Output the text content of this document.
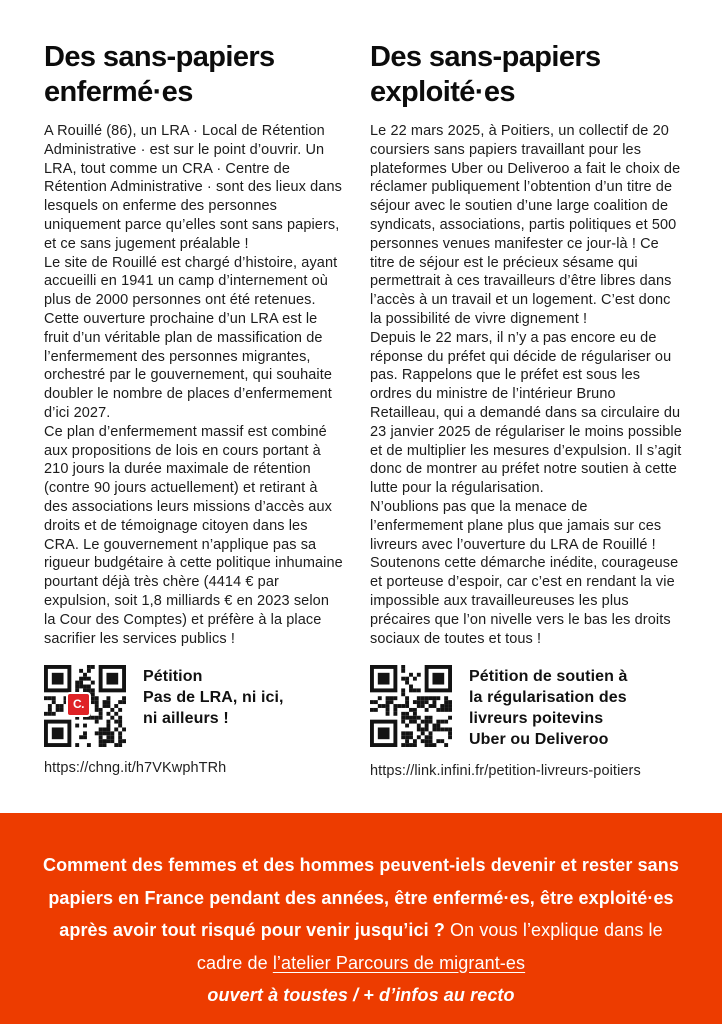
Des sans-papiers enfermé·es

A Rouillé (86), un LRA · Local de Rétention Administrative · est sur le point d’ouvrir. Un LRA, tout comme un CRA · Centre de Rétention Administrative · sont des lieux dans lesquels on enferme des personnes uniquement parce qu’elles sont sans papiers, et ce sans jugement préalable !

Le site de Rouillé est chargé d’histoire, ayant accueilli en 1941 un camp d’internement où plus de 2000 personnes ont été retenues.

Cette ouverture prochaine d’un LRA est le fruit d’un véritable plan de massification de l’enfermement des personnes migrantes, orchestré par le gouvernement, qui souhaite doubler le nombre de places d’enfermement d’ici 2027.

Ce plan d’enfermement massif est combiné aux propositions de lois en cours portant à 210 jours la durée maximale de rétention (contre 90 jours actuellement) et retirant à des associations leurs missions d’accès aux droits et de témoignage citoyen dans les CRA. Le gouvernement n’applique pas sa rigueur budgétaire à cette politique inhumaine pourtant déjà très chère (4414 € par expulsion, soit 1,8 milliards € en 2023 selon la Cour des Comptes) et préfère à la place sacrifier les services publics !

C.
Pétition
Pas de LRA, ni ici,
ni ailleurs !
https://chng.it/h7VKwphTRh
Des sans-papiers exploité·es

Le 22 mars 2025, à Poitiers, un collectif de 20 coursiers sans papiers travaillant pour les plateformes Uber ou Deliveroo a fait le choix de réclamer publiquement l’obtention d’un titre de séjour avec le soutien d’une large coalition de syndicats, associations, partis politiques et 500 personnes venues manifester ce jour-là ! Ce titre de séjour est le précieux sésame qui permettrait à ces travailleurs d’être libres dans l’accès à un travail et un logement. C’est donc la possibilité de vivre dignement !

Depuis le 22 mars, il n’y a pas encore eu de réponse du préfet qui décide de régulariser ou pas. Rappelons que le préfet est sous les ordres du ministre de l’intérieur Bruno Retailleau, qui a demandé dans sa circulaire du 23 janvier 2025 de régulariser le moins possible et de multiplier les mesures d’expulsion. Il s’agit donc de montrer au préfet notre soutien à cette lutte pour la régularisation.

N’oublions pas que la menace de l’enfermement plane plus que jamais sur ces livreurs avec l’ouverture du LRA de Rouillé !

Soutenons cette démarche inédite, courageuse et porteuse d’espoir, car c’est en rendant la vie impossible aux travailleureuses les plus précaires que l’on nivelle vers le bas les droits sociaux de toutes et tous !

Pétition de soutien à
la régularisation des
livreurs poitevins
Uber ou Deliveroo
https://link.infini.fr/petition-livreurs-poitiers
Comment des femmes et des hommes peuvent-iels devenir et rester sans papiers en France pendant des années, être enfermé·es, être exploité·es après avoir tout risqué pour venir jusqu’ici ? On vous l’explique dans le cadre de l’atelier Parcours de migrant-es
ouvert à toustes / + d’infos au recto
